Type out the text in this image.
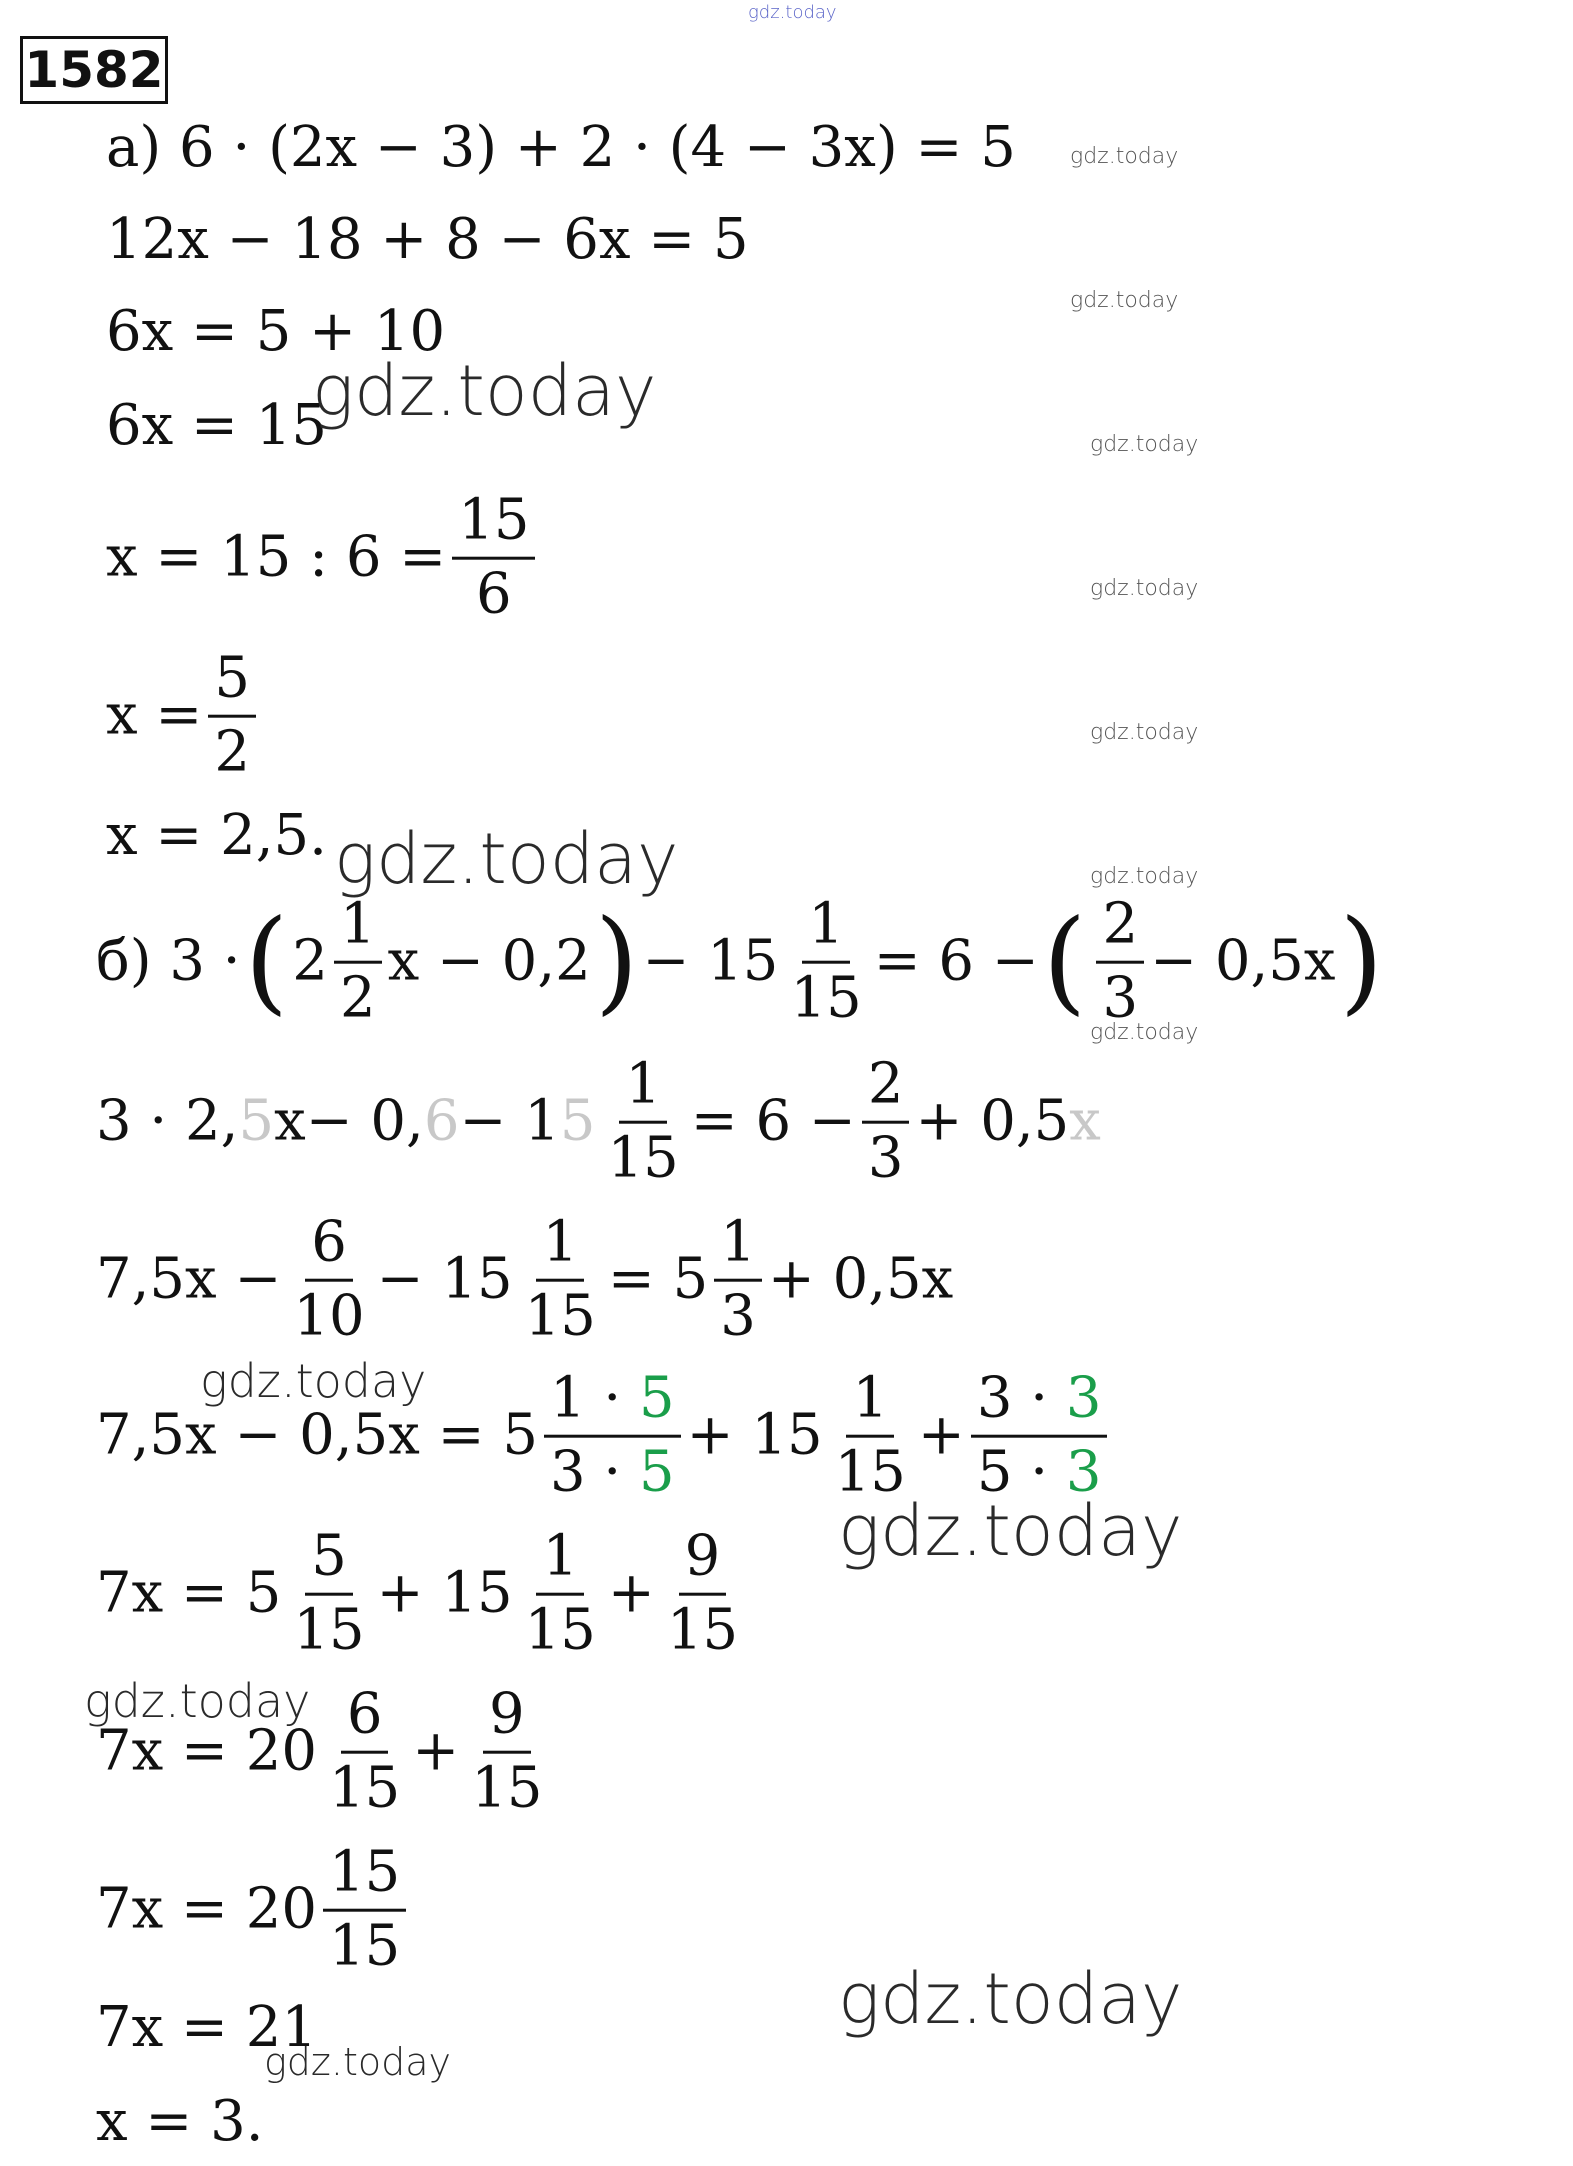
gdz.today
1582
а) 6 · (2x − 3) + 2 · (4 − 3x) = 5
12x − 18 + 8 − 6x = 5
6x = 5 + 10
6x = 15
x = 15 : $6 = \frac{15}{6}$
$x = \frac{5}{2}$
x = 2,5.
б) 3 · ( $2 \frac{1}{2}$ x − 0,2 ) − $15 \frac{1}{15} = 6$ − ( $\frac{2}{3} - 0,5x$ )
3 · 2, 5 x − 0, 6 − 1 $5 \frac{1}{15} = 6 - \frac{2}{3} + 0,5$ x
$7,5x - \frac{6}{10} - 15 \frac{1}{15} = 5 \frac{1}{3} + 0,5x$
$7,5x - 0,5x = 5 \frac{1 \cdot 5}{3 \cdot 5} + 15 \frac{1}{15} + \frac{3 \cdot 3}{5 \cdot 3}$
$7x = 5 \frac{5}{15} + 15 \frac{1}{15} + \frac{9}{15}$
$7x = 20 \frac{6}{15} + \frac{9}{15}$
$7x = 20 \frac{15}{15}$
7x = 21
x = 3.
gdz.today
gdz.today
gdz.today
gdz.today
gdz.today
gdz.today
gdz.today
gdz.today
gdz.today
gdz.today
gdz.today
gdz.today
gdz.today
gdz.today
